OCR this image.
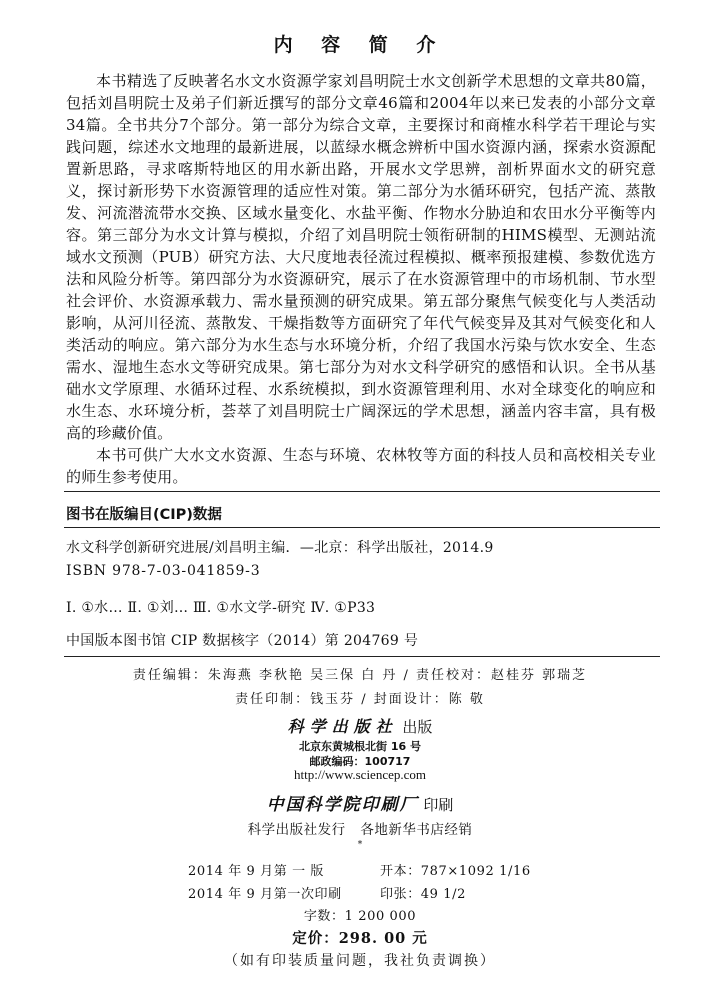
内 容 简 介

本书精选了反映著名水文水资源学家刘昌明院士水文创新学术思想的文章共80篇，包括刘昌明院士及弟子们新近撰写的部分文章46篇和2004年以来已发表的小部分文章34篇。全书共分7个部分。第一部分为综合文章，主要探讨和商榷水科学若干理论与实践问题，综述水文地理的最新进展，以蓝绿水概念辨析中国水资源内涵，探索水资源配置新思路，寻求喀斯特地区的用水新出路，开展水文学思辨，剖析界面水文的研究意义，探讨新形势下水资源管理的适应性对策。第二部分为水循环研究，包括产流、蒸散发、河流潜流带水交换、区域水量变化、水盐平衡、作物水分胁迫和农田水分平衡等内容。第三部分为水文计算与模拟，介绍了刘昌明院士领衔研制的HIMS模型、无测站流域水文预测（PUB）研究方法、大尺度地表径流过程模拟、概率预报建模、参数优选方法和风险分析等。第四部分为水资源研究，展示了在水资源管理中的市场机制、节水型社会评价、水资源承载力、需水量预测的研究成果。第五部分聚焦气候变化与人类活动影响，从河川径流、蒸散发、干燥指数等方面研究了年代气候变异及其对气候变化和人类活动的响应。第六部分为水生态与水环境分析，介绍了我国水污染与饮水安全、生态需水、湿地生态水文等研究成果。第七部分为对水文科学研究的感悟和认识。全书从基础水文学原理、水循环过程、水系统模拟，到水资源管理利用、水对全球变化的响应和水生态、水环境分析，荟萃了刘昌明院士广阔深远的学术思想，涵盖内容丰富，具有极高的珍藏价值。

本书可供广大水文水资源、生态与环境、农林牧等方面的科技人员和高校相关专业的师生参考使用。

图书在版编目(CIP)数据
水文科学创新研究进展/刘昌明主编．—北京：科学出版社，2014.9
ISBN 978-7-03-041859-3
Ⅰ. ①水… Ⅱ. ①刘… Ⅲ. ①水文学-研究 Ⅳ. ①P33
中国版本图书馆 CIP 数据核字（2014）第 204769 号
责任编辑：朱海燕 李秋艳 吴三保 白 丹 / 责任校对：赵桂芬 郭瑞芝
责任印制：钱玉芬 / 封面设计：陈 敬
科学出版社 出版
北京东黄城根北街 16 号
邮政编码：100717
http://www.sciencep.com
中国科学院印刷厂 印刷
科学出版社发行 各地新华书店经销
*
2014 年 9 月第 一 版	开本：787×1092 1/16
2014 年 9 月第一次印刷	印张：49 1/2
字数：1 200 000
定价：298. 00 元
（如有印装质量问题，我社负责调换）
